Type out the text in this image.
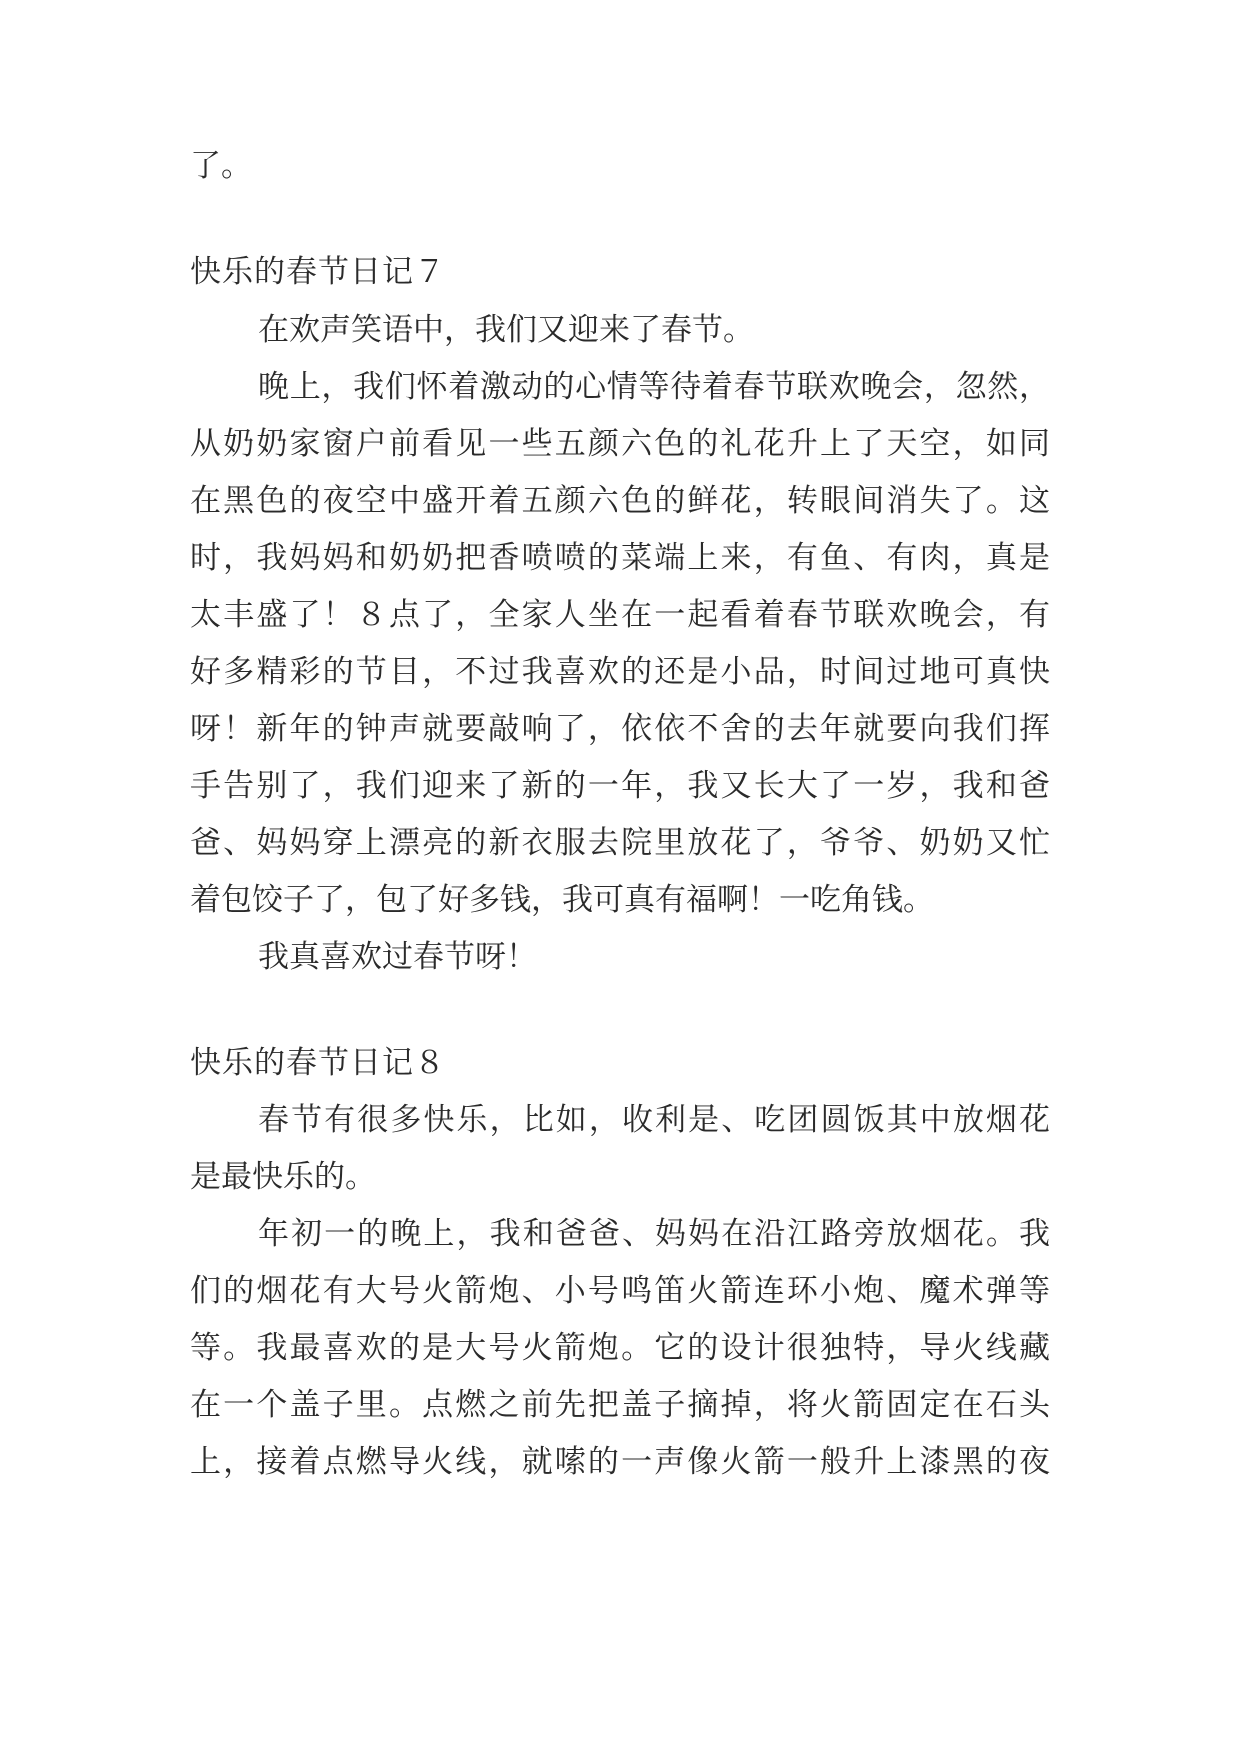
了。
快乐的春节日记７
在欢声笑语中，我们又迎来了春节。
晚上，我们怀着激动的心情等待着春节联欢晚会，忽然，
从奶奶家窗户前看见一些五颜六色的礼花升上了天空，如同
在黑色的夜空中盛开着五颜六色的鲜花，转眼间消失了。这
时，我妈妈和奶奶把香喷喷的菜端上来，有鱼、有肉，真是
太丰盛了！８点了，全家人坐在一起看着春节联欢晚会，有
好多精彩的节目，不过我喜欢的还是小品，时间过地可真快
呀！新年的钟声就要敲响了，依依不舍的去年就要向我们挥
手告别了，我们迎来了新的一年，我又长大了一岁，我和爸
爸、妈妈穿上漂亮的新衣服去院里放花了，爷爷、奶奶又忙
着包饺子了，包了好多钱，我可真有福啊！一吃角钱。
我真喜欢过春节呀！
快乐的春节日记８
春节有很多快乐，比如，收利是、吃团圆饭其中放烟花
是最快乐的。
年初一的晚上，我和爸爸、妈妈在沿江路旁放烟花。我
们的烟花有大号火箭炮、小号鸣笛火箭连环小炮、魔术弹等
等。我最喜欢的是大号火箭炮。它的设计很独特，导火线藏
在一个盖子里。点燃之前先把盖子摘掉，将火箭固定在石头
上，接着点燃导火线，就嗦的一声像火箭一般升上漆黑的夜
